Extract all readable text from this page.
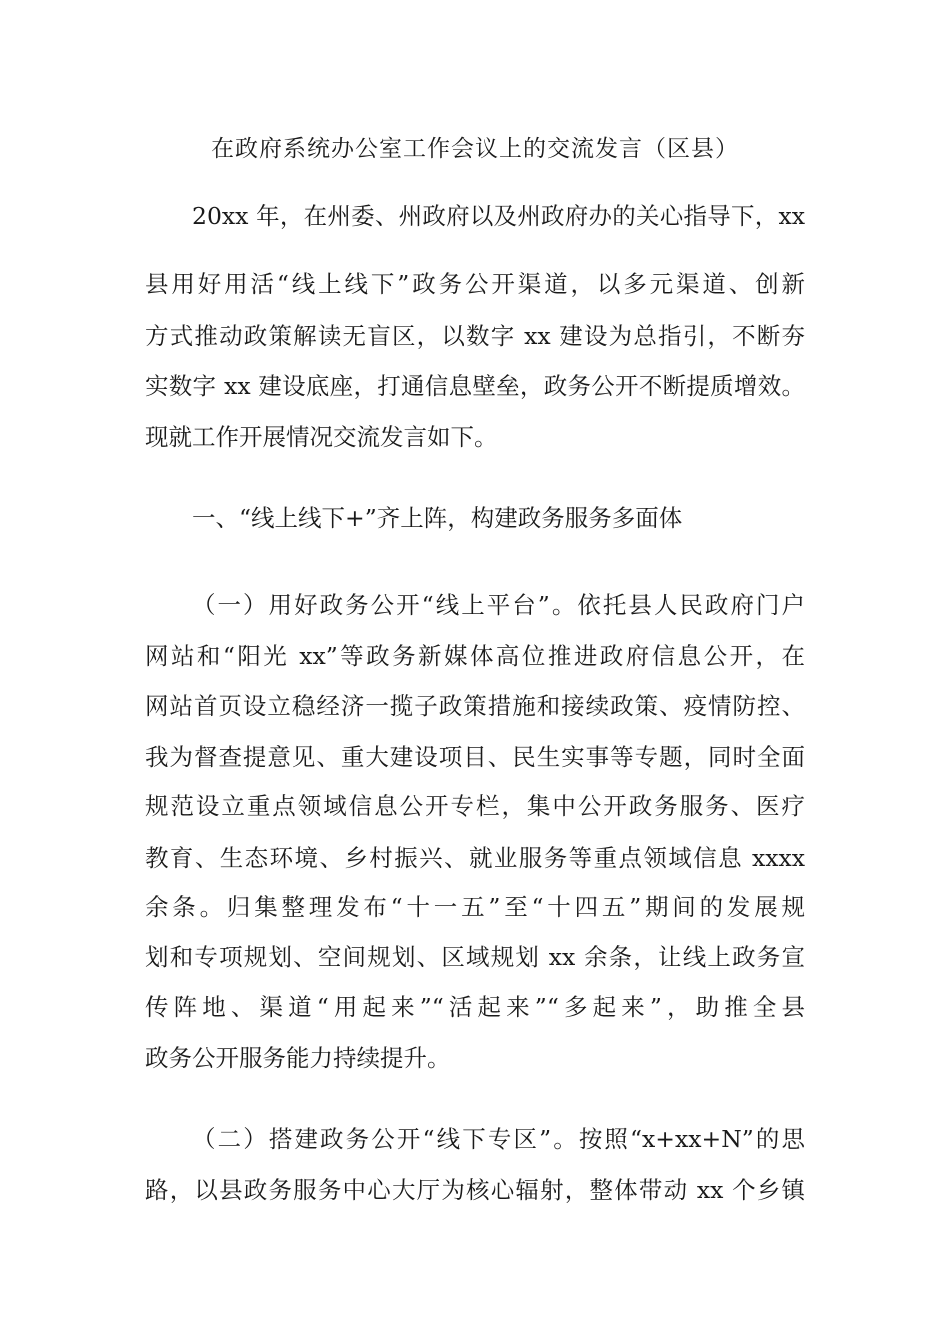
在政府系统办公室工作会议上的交流发言（区县）
20xx 年，在州委、州政府以及州政府办的关心指导下，xx
县用好用活“线上线下”政务公开渠道，以多元渠道、创新
方式推动政策解读无盲区，以数字 xx 建设为总指引，不断夯
实数字 xx 建设底座，打通信息壁垒，政务公开不断提质增效。
现就工作开展情况交流发言如下。
一、“线上线下+”齐上阵，构建政务服务多面体
（一）用好政务公开“线上平台”。依托县人民政府门户
网站和“阳光 xx”等政务新媒体高位推进政府信息公开，在
网站首页设立稳经济一揽子政策措施和接续政策、疫情防控、
我为督查提意见、重大建设项目、民生实事等专题，同时全面
规范设立重点领域信息公开专栏，集中公开政务服务、医疗
教育、生态环境、乡村振兴、就业服务等重点领域信息 xxxx
余条。归集整理发布“十一五”至“十四五”期间的发展规
划和专项规划、空间规划、区域规划 xx 余条，让线上政务宣
传阵地、渠道“用起来”“活起来”“多起来”，助推全县
政务公开服务能力持续提升。
（二）搭建政务公开“线下专区”。按照“x+xx+N”的思
路，以县政务服务中心大厅为核心辐射，整体带动 xx 个乡镇
